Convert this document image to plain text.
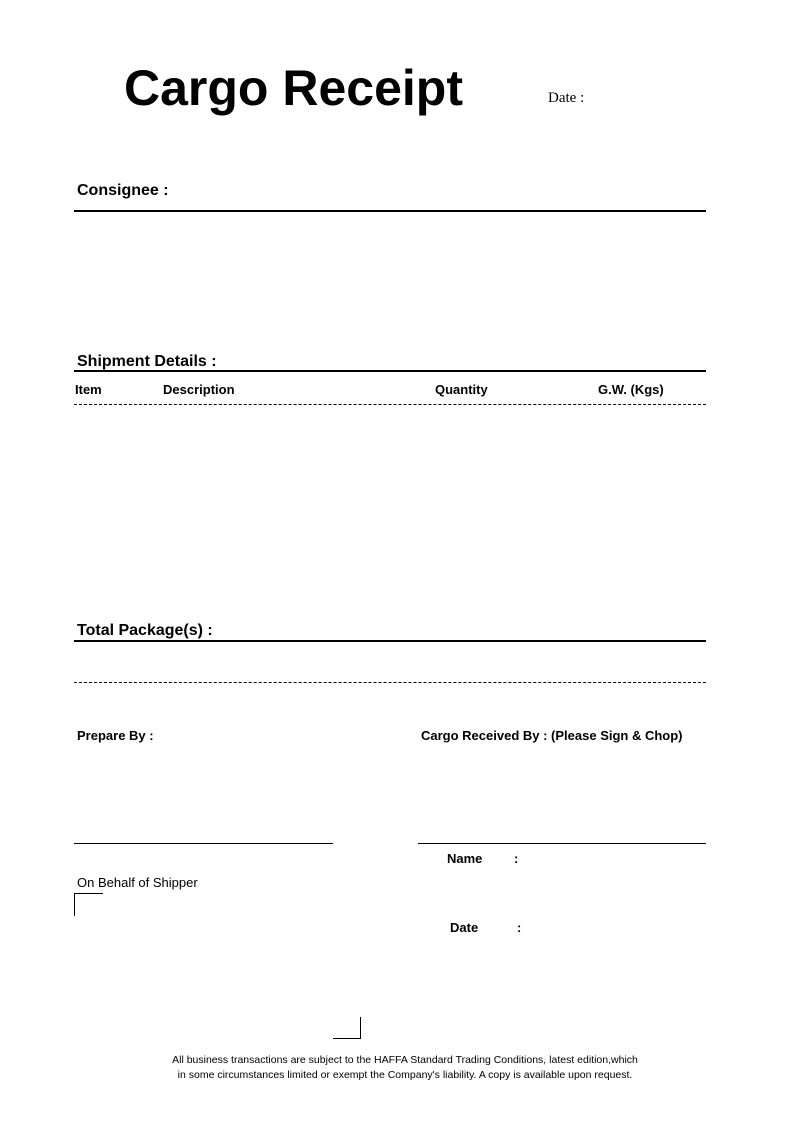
Cargo Receipt	Date :
Consignee :
Shipment Details :
Item	Description	Quantity	G.W. (Kgs)
Total Package(s) :
Prepare By :	Cargo Received By : (Please Sign & Chop)
Name :
On Behalf of Shipper
Date	:
All business transactions are subject to the HAFFA Standard Trading Conditions, latest edition,which
in some circumstances limited or exempt the Company's liability. A copy is available upon request.
